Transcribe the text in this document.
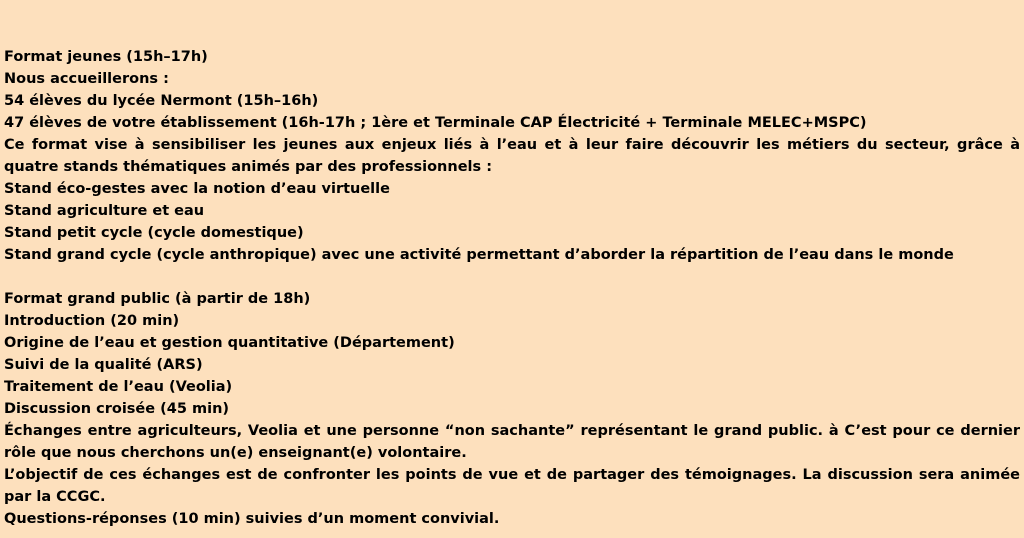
Format jeunes (15h–17h)

Nous accueillerons :

54 élèves du lycée Nermont (15h–16h)

47 élèves de votre établissement (16h-17h ; 1ère et Terminale CAP Électricité + Terminale MELEC+MSPC)

Ce format vise à sensibiliser les jeunes aux enjeux liés à l’eau et à leur faire découvrir les métiers du secteur, grâce à quatre stands thématiques animés par des professionnels :

Stand éco-gestes avec la notion d’eau virtuelle

Stand agriculture et eau

Stand petit cycle (cycle domestique)

Stand grand cycle (cycle anthropique) avec une activité permettant d’aborder la répartition de l’eau dans le monde

Format grand public (à partir de 18h)

Introduction (20 min)

Origine de l’eau et gestion quantitative (Département)

Suivi de la qualité (ARS)

Traitement de l’eau (Veolia)

Discussion croisée (45 min)

Échanges entre agriculteurs, Veolia et une personne “non sachante” représentant le grand public. à C’est pour ce dernier rôle que nous cherchons un(e) enseignant(e) volontaire.

L’objectif de ces échanges est de confronter les points de vue et de partager des témoignages. La discussion sera animée par la CCGC.

Questions-réponses (10 min) suivies d’un moment convivial.
